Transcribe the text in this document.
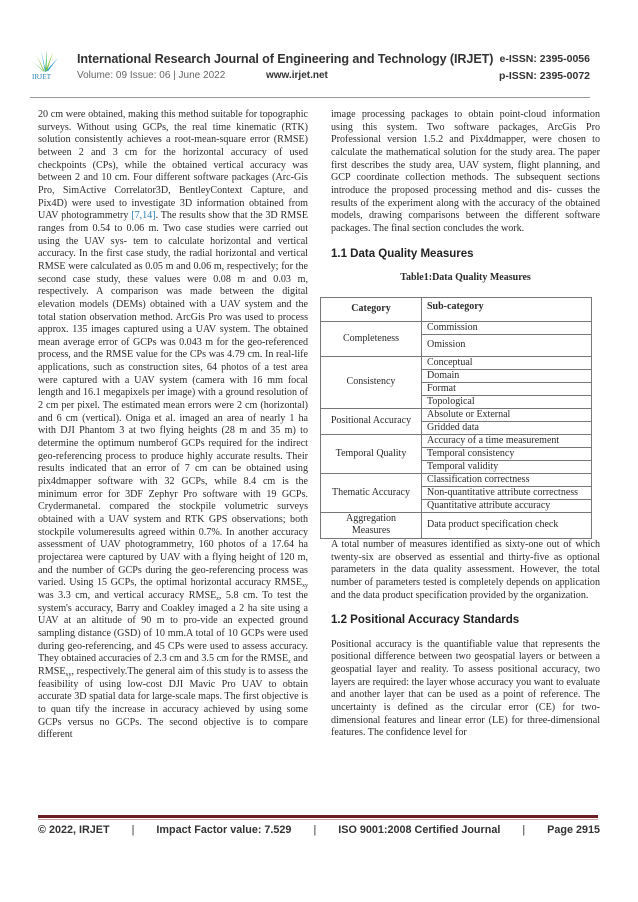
IRJET
International Research Journal of Engineering and Technology (IRJET)
Volume: 09 Issue: 06 | June 2022	www.irjet.net
e-ISSN: 2395-0056
p-ISSN: 2395-0072

20 cm were obtained, making this method suitable for topographic surveys. Without using GCPs, the real time kinematic (RTK) solution consistently achieves a root-mean-square error (RMSE) between 2 and 3 cm for the horizontal accuracy of used checkpoints (CPs), while the obtained vertical accuracy was between 2 and 10 cm. Four different software packages (Arc-Gis Pro, SimActive Correlator3D, BentleyContext Capture, and Pix4D) were used to investigate 3D information obtained from UAV photogrammetry [7,14]. The results show that the 3D RMSE ranges from 0.54 to 0.06 m. Two case studies were carried out using the UAV sys- tem to calculate horizontal and vertical accuracy. In the first case study, the radial horizontal and vertical RMSE were calculated as 0.05 m and 0.06 m, respectively; for the second case study, these values were 0.08 m and 0.03 m, respectively. A comparison was made between the digital elevation models (DEMs) obtained with a UAV system and the total station observation method. ArcGis Pro was used to process approx. 135 images captured using a UAV system. The obtained mean average error of GCPs was 0.043 m for the geo-referenced process, and the RMSE value for the CPs was 4.79 cm. In real-life applications, such as construction sites, 64 photos of a test area were captured with a UAV system (camera with 16 mm focal length and 16.1 megapixels per image) with a ground resolution of 2 cm per pixel. The estimated mean errors were 2 cm (horizontal) and 6 cm (vertical). Oniga et al. imaged an area of nearly 1 ha with DJI Phantom 3 at two flying heights (28 m and 35 m) to determine the optimum numberof GCPs required for the indirect geo-referencing process to produce highly accurate results. Their results indicated that an error of 7 cm can be obtained using pix4dmapper software with 32 GCPs, while 8.4 cm is the minimum error for 3DF Zephyr Pro software with 19 GCPs. Crydermanetal. compared the stockpile volumetric surveys obtained with a UAV system and RTK GPS observations; both stockpile volumeresults agreed within 0.7%. In another accuracy assessment of UAV photogrammetry, 160 photos of a 17.64 ha projectarea were captured by UAV with a flying height of 120 m, and the number of GCPs during the geo-referencing process was varied. Using 15 GCPs, the optimal horizontal accuracy $RMSE_{xy}$ was 3.3 cm, and vertical accuracy $RMSE_z$, 5.8 cm. To test the system's accuracy, Barry and Coakley imaged a 2 ha site using a UAV at an altitude of 90 m to pro-vide an expected ground sampling distance (GSD) of 10 mm.A total of 10 GCPs were used during geo-referencing, and 45 CPs were used to assess accuracy. They obtained accuracies of 2.3 cm and 3.5 cm for the $RMSE_z$ and $RMSE_{xy}$, respectively.The general aim of this study is to assess the feasibility of using low-cost DJI Mavic Pro UAV to obtain accurate 3D spatial data for large-scale maps. The first objective is to quan tify the increase in accuracy achieved by using some GCPs versus no GCPs. The second objective is to compare different

image processing packages to obtain point-cloud information using this system. Two software packages, ArcGis Pro Professional version 1.5.2 and Pix4dmapper, were chosen to calculate the mathematical solution for the study area. The paper first describes the study area, UAV system, flight planning, and GCP coordinate collection methods. The subsequent sections introduce the proposed processing method and dis- cusses the results of the experiment along with the accuracy of the obtained models, drawing comparisons between the different software packages. The final section concludes the work.

1.1 Data Quality Measures
Table1:Data Quality Measures
Category	Sub-category
Completeness	Commission
	Omission
Consistency	Conceptual
	Domain
	Format
	Topological
Positional Accuracy	Absolute or External
	Gridded data
Temporal Quality	Accuracy of a time measurement
	Temporal consistency
	Temporal validity
Thematic Accuracy	Classification correctness
	Non-quantitative attribute correctness
	Quantitative attribute accuracy
Aggregation Measures	Data product specification check

A total number of measures identified as sixty-one out of which twenty-six are observed as essential and thirty-five as optional parameters in the data quality assessment. However, the total number of parameters tested is completely depends on application and the data product specification provided by the organization.

1.2 Positional Accuracy Standards

Positional accuracy is the quantifiable value that represents the positional difference between two geospatial layers or between a geospatial layer and reality. To assess positional accuracy, two layers are required: the layer whose accuracy you want to evaluate and another layer that can be used as a point of reference. The uncertainty is defined as the circular error (CE) for two-dimensional features and linear error (LE) for three-dimensional features. The confidence level for

© 2022, IRJET | Impact Factor value: 7.529 | ISO 9001:2008 Certified Journal | Page 2915
